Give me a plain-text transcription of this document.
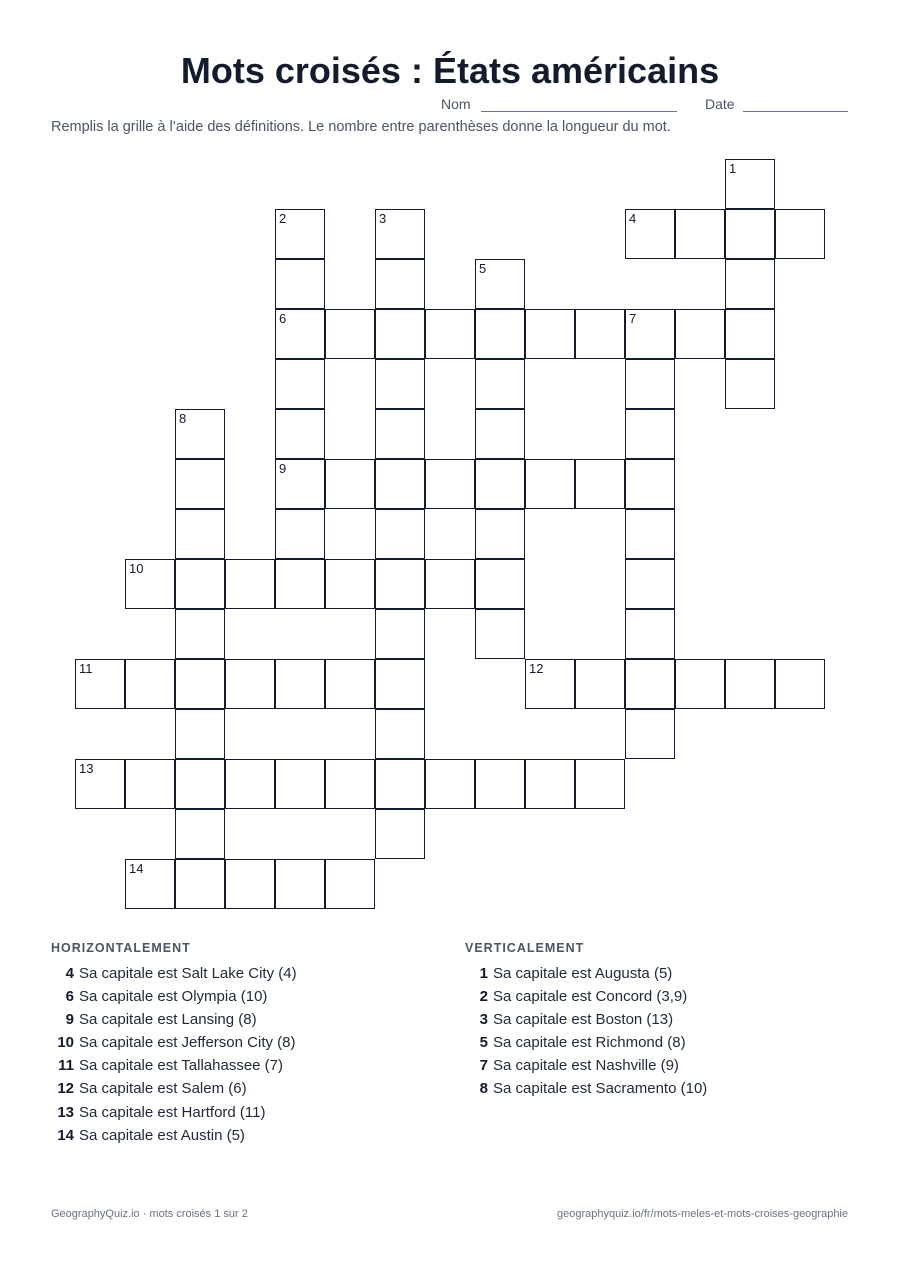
Mots croisés : États américains
Nom	Date
Remplis la grille à l’aide des définitions. Le nombre entre parenthèses donne la longueur du mot.
1
2	3	4
5
6	7
8
9
10
11	12
13
14
HORIZONTALEMENT
4 Sa capitale est Salt Lake City (4)
6 Sa capitale est Olympia (10)
9 Sa capitale est Lansing (8)
10 Sa capitale est Jefferson City (8)
11 Sa capitale est Tallahassee (7)
12 Sa capitale est Salem (6)
13 Sa capitale est Hartford (11)
14 Sa capitale est Austin (5)
VERTICALEMENT
1 Sa capitale est Augusta (5)
2 Sa capitale est Concord (3,9)
3 Sa capitale est Boston (13)
5 Sa capitale est Richmond (8)
7 Sa capitale est Nashville (9)
8 Sa capitale est Sacramento (10)
GeographyQuiz.io · mots croisés 1 sur 2	geographyquiz.io/fr/mots-meles-et-mots-croises-geographie
